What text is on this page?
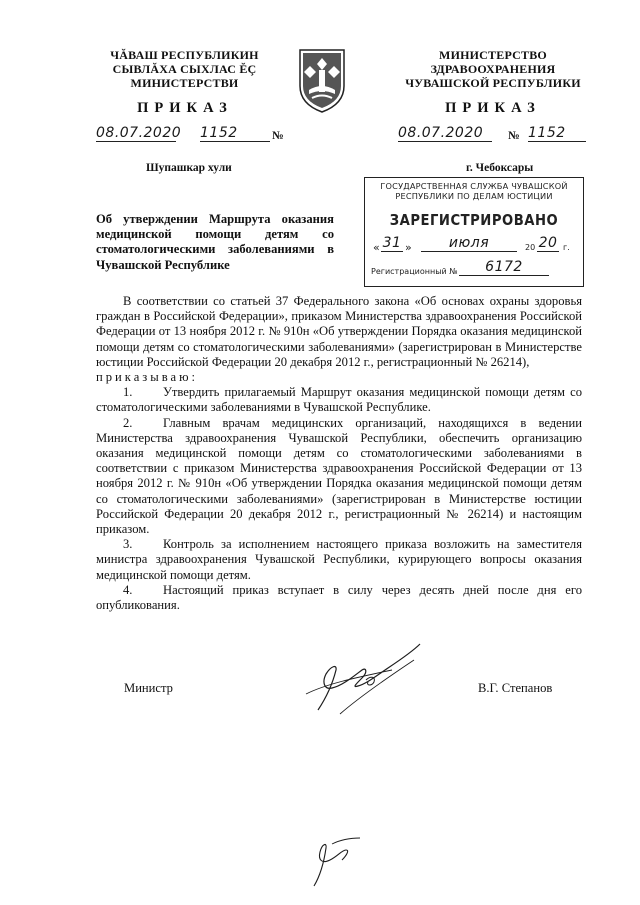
ЧĂВАШ РЕСПУБЛИКИН
СЫВЛĂХА СЫХЛАС ĔÇ
МИНИСТЕРСТВИ
МИНИСТЕРСТВО
ЗДРАВООХРАНЕНИЯ
ЧУВАШСКОЙ РЕСПУБЛИКИ
ПРИКАЗ	ПРИКАЗ
08.07.2020 1152	№	08.07.2020	№ 1152
Шупашкар хули	г. Чебоксары
ГОСУДАРСТВЕННАЯ СЛУЖБА ЧУВАШСКОЙ
РЕСПУБЛИКИ ПО ДЕЛАМ ЮСТИЦИИ
ЗАРЕГИСТРИРОВАНО
« 31 »	июля	20 20 г.
Регистрационный №	6172
Об утверждении Маршрута оказания медицинской помощи детям со стоматологическими заболеваниями в Чувашской Республике

В соответствии со статьей 37 Федерального закона «Об основах охраны здоровья граждан в Российской Федерации», приказом Министерства здравоохранения Российской Федерации от 13 ноября 2012 г. № 910н «Об утверждении Порядка оказания медицинской помощи детям со стоматологическими заболеваниями» (зарегистрирован в Министерстве юстиции Российской Федерации 20 декабря 2012 г., регистрационный № 26214),

приказываю:

1. Утвердить прилагаемый Маршрут оказания медицинской помощи детям со стоматологическими заболеваниями в Чувашской Республике.

2. Главным врачам медицинских организаций, находящихся в ведении Министерства здравоохранения Чувашской Республики, обеспечить организацию оказания медицинской помощи детям со стоматологическими заболеваниями в соответствии с приказом Министерства здравоохранения Российской Федерации от 13 ноября 2012 г. № 910н «Об утверждении Порядка оказания медицинской помощи детям со стоматологическими заболеваниями» (зарегистрирован в Министерстве юстиции Российской Федерации 20 декабря 2012 г., регистрационный № 26214) и настоящим приказом.

3. Контроль за исполнением настоящего приказа возложить на заместителя министра здравоохранения Чувашской Республики, курирующего вопросы оказания медицинской помощи детям.

4. Настоящий приказ вступает в силу через десять дней после дня его опубликования.

Министр	В.Г. Степанов
